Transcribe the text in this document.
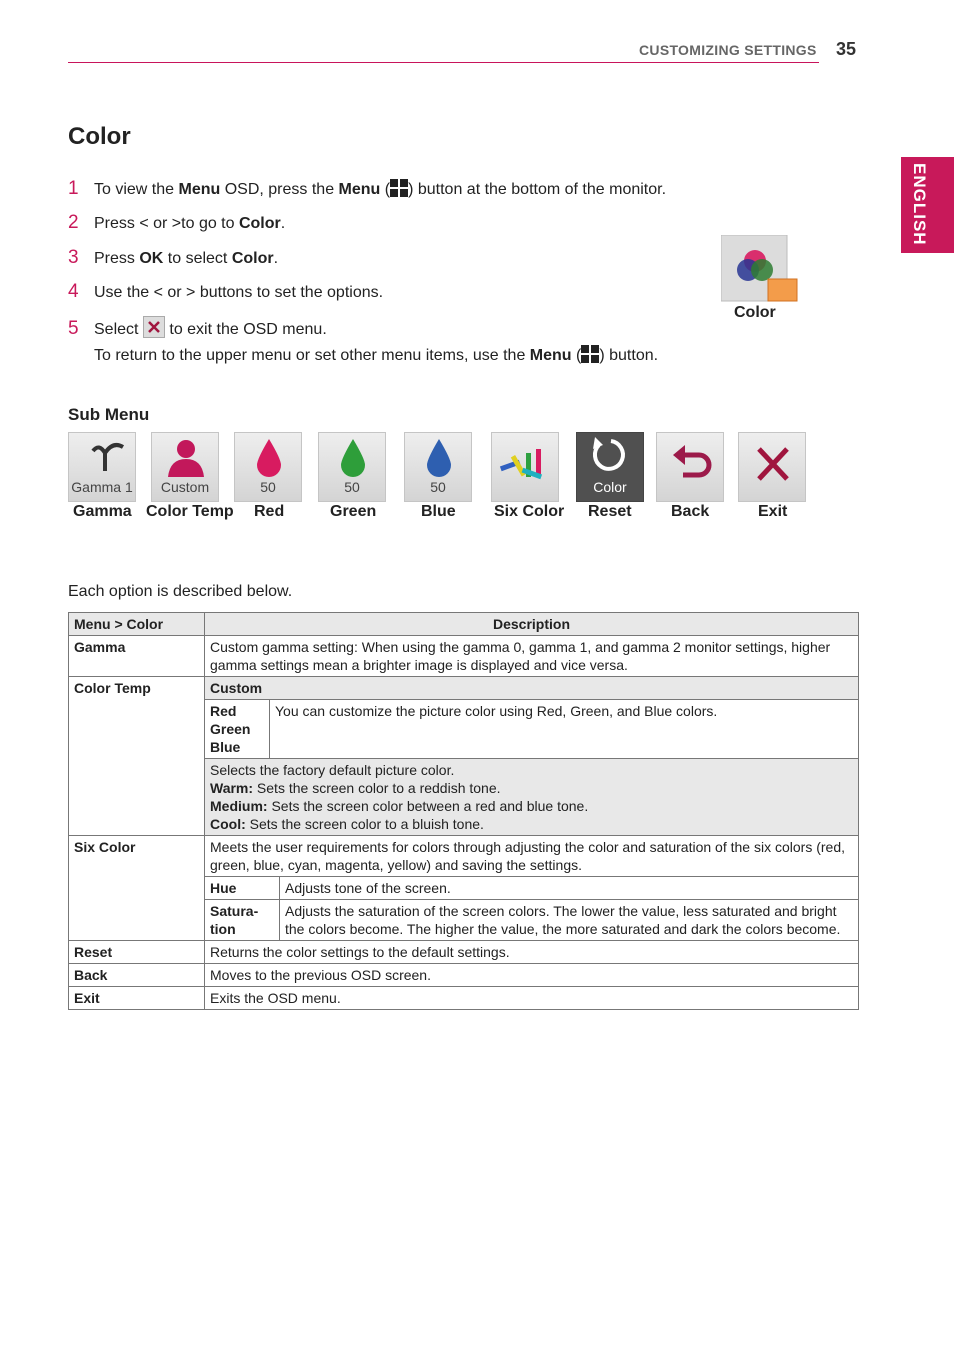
CUSTOMIZING SETTINGS 35
ENGLISH
Color
1 To view the Menu OSD, press the Menu ( ) button at the bottom of the monitor.
2 Press < or >to go to Color.
3 Press OK to select Color.
4 Use the < or > buttons to set the options.
5 Select
to exit the OSD menu.
To return to the upper menu or set other menu items, use the Menu ( ) button.
Color
Sub Menu
Gamma 1	Custom	50	50	50	Color
Gamma Color Temp Red	Green	Blue Six Color Reset Back	Exit
Each option is described below.
Menu > Color	Description		
Gamma	Custom gamma setting: When using the gamma 0, gamma 1, and gamma 2 monitor settings, higher gamma settings mean a brighter image is displayed and vice versa.		
Color Temp	Custom		

	Red
Green
Blue	You can customize the picture color using Red, Green, and Blue colors.	

	Selects the factory default picture color.
Warm: Sets the screen color to a reddish tone.
Medium: Sets the screen color between a red and blue tone.
Cool: Sets the screen color to a bluish tone.		

Six Color	Meets the user requirements for colors through adjusting the color and saturation of the six colors (red, green, blue, cyan, magenta, yellow) and saving the settings.		
	Hue		Adjusts tone of the screen.
	Satura-
tion		Adjusts the saturation of the screen colors. The lower the value, less saturated and bright the colors become. The higher the value, the more saturated and dark the colors become.
Reset	Returns the color settings to the default settings.		
Back	Moves to the previous OSD screen.		
Exit	Exits the OSD menu.		
